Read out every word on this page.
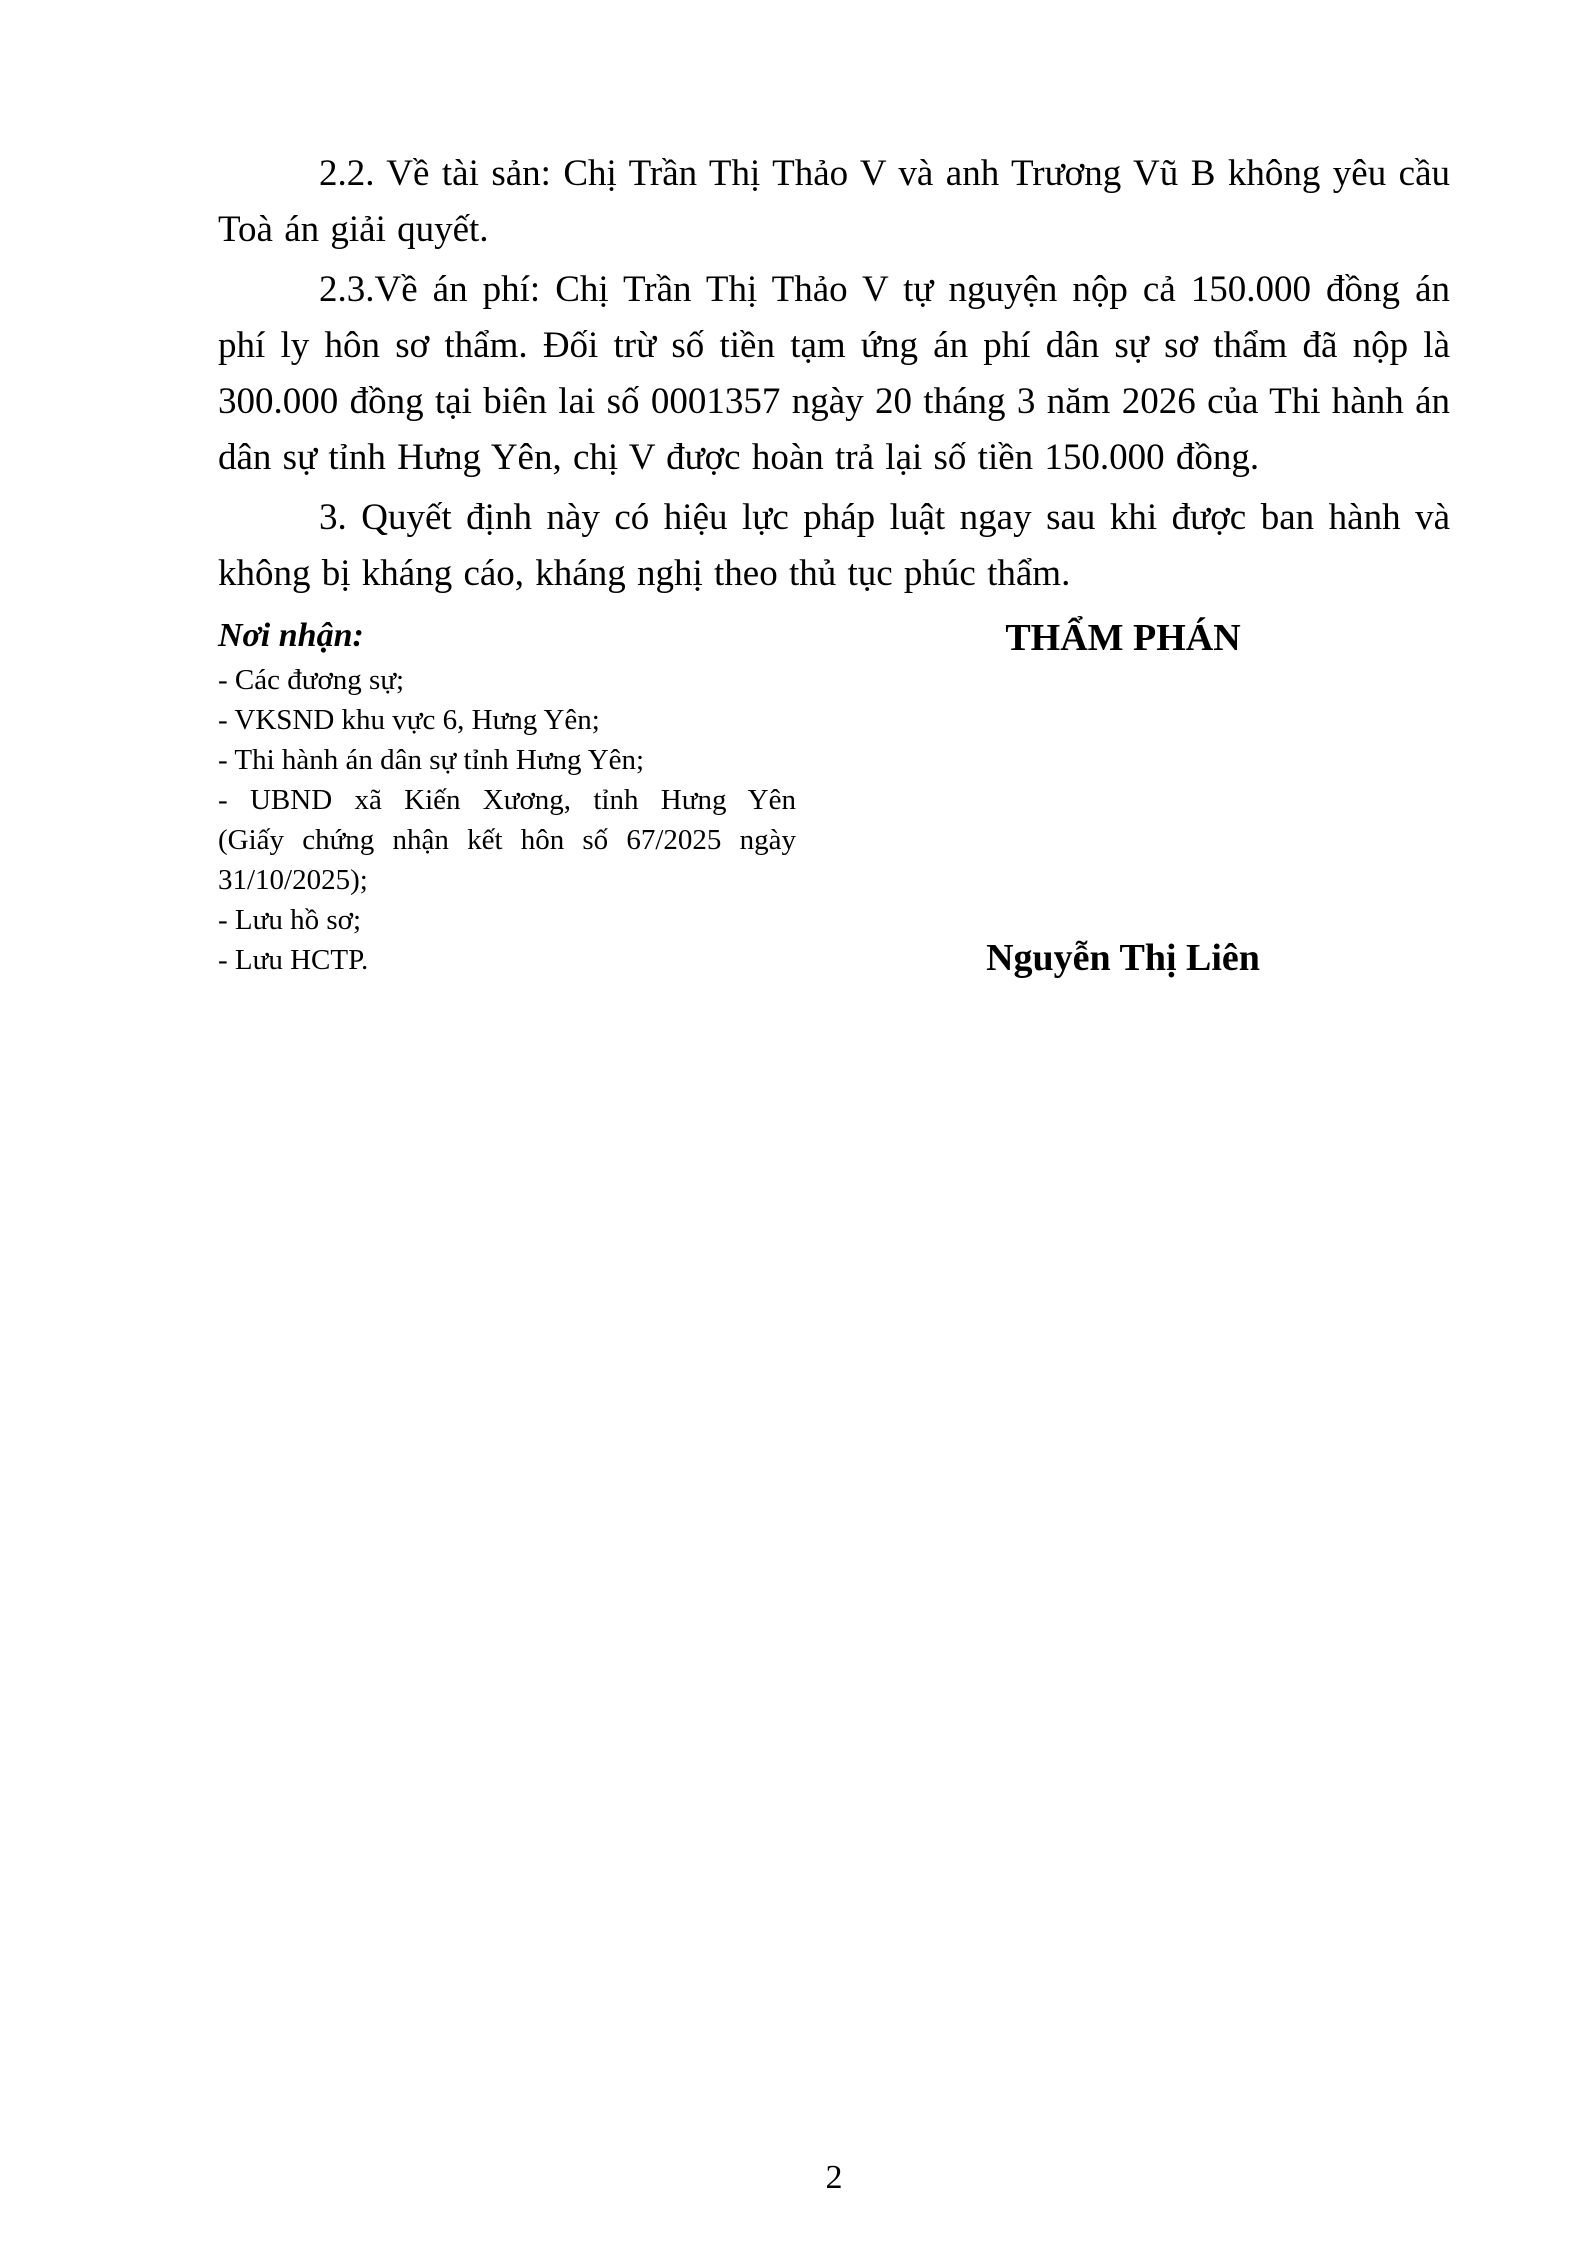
2.2. Về tài sản: Chị Trần Thị Thảo V và anh Trương Vũ B không yêu cầu Toà án giải quyết.

2.3.Về án phí: Chị Trần Thị Thảo V tự nguyện nộp cả 150.000 đồng án phí ly hôn sơ thẩm. Đối trừ số tiền tạm ứng án phí dân sự sơ thẩm đã nộp là 300.000 đồng tại biên lai số 0001357 ngày 20 tháng 3 năm 2026 của Thi hành án dân sự tỉnh Hưng Yên, chị V được hoàn trả lại số tiền 150.000 đồng.

3. Quyết định này có hiệu lực pháp luật ngay sau khi được ban hành và không bị kháng cáo, kháng nghị theo thủ tục phúc thẩm.

Nơi nhận:

- Các đương sự;

- VKSND khu vực 6, Hưng Yên;

- Thi hành án dân sự tỉnh Hưng Yên;

- UBND xã Kiến Xương, tỉnh Hưng Yên

(Giấy chứng nhận kết hôn số 67/2025 ngày

31/10/2025);

- Lưu hồ sơ;

- Lưu HCTP.

THẨM PHÁN

Nguyễn Thị Liên

2
